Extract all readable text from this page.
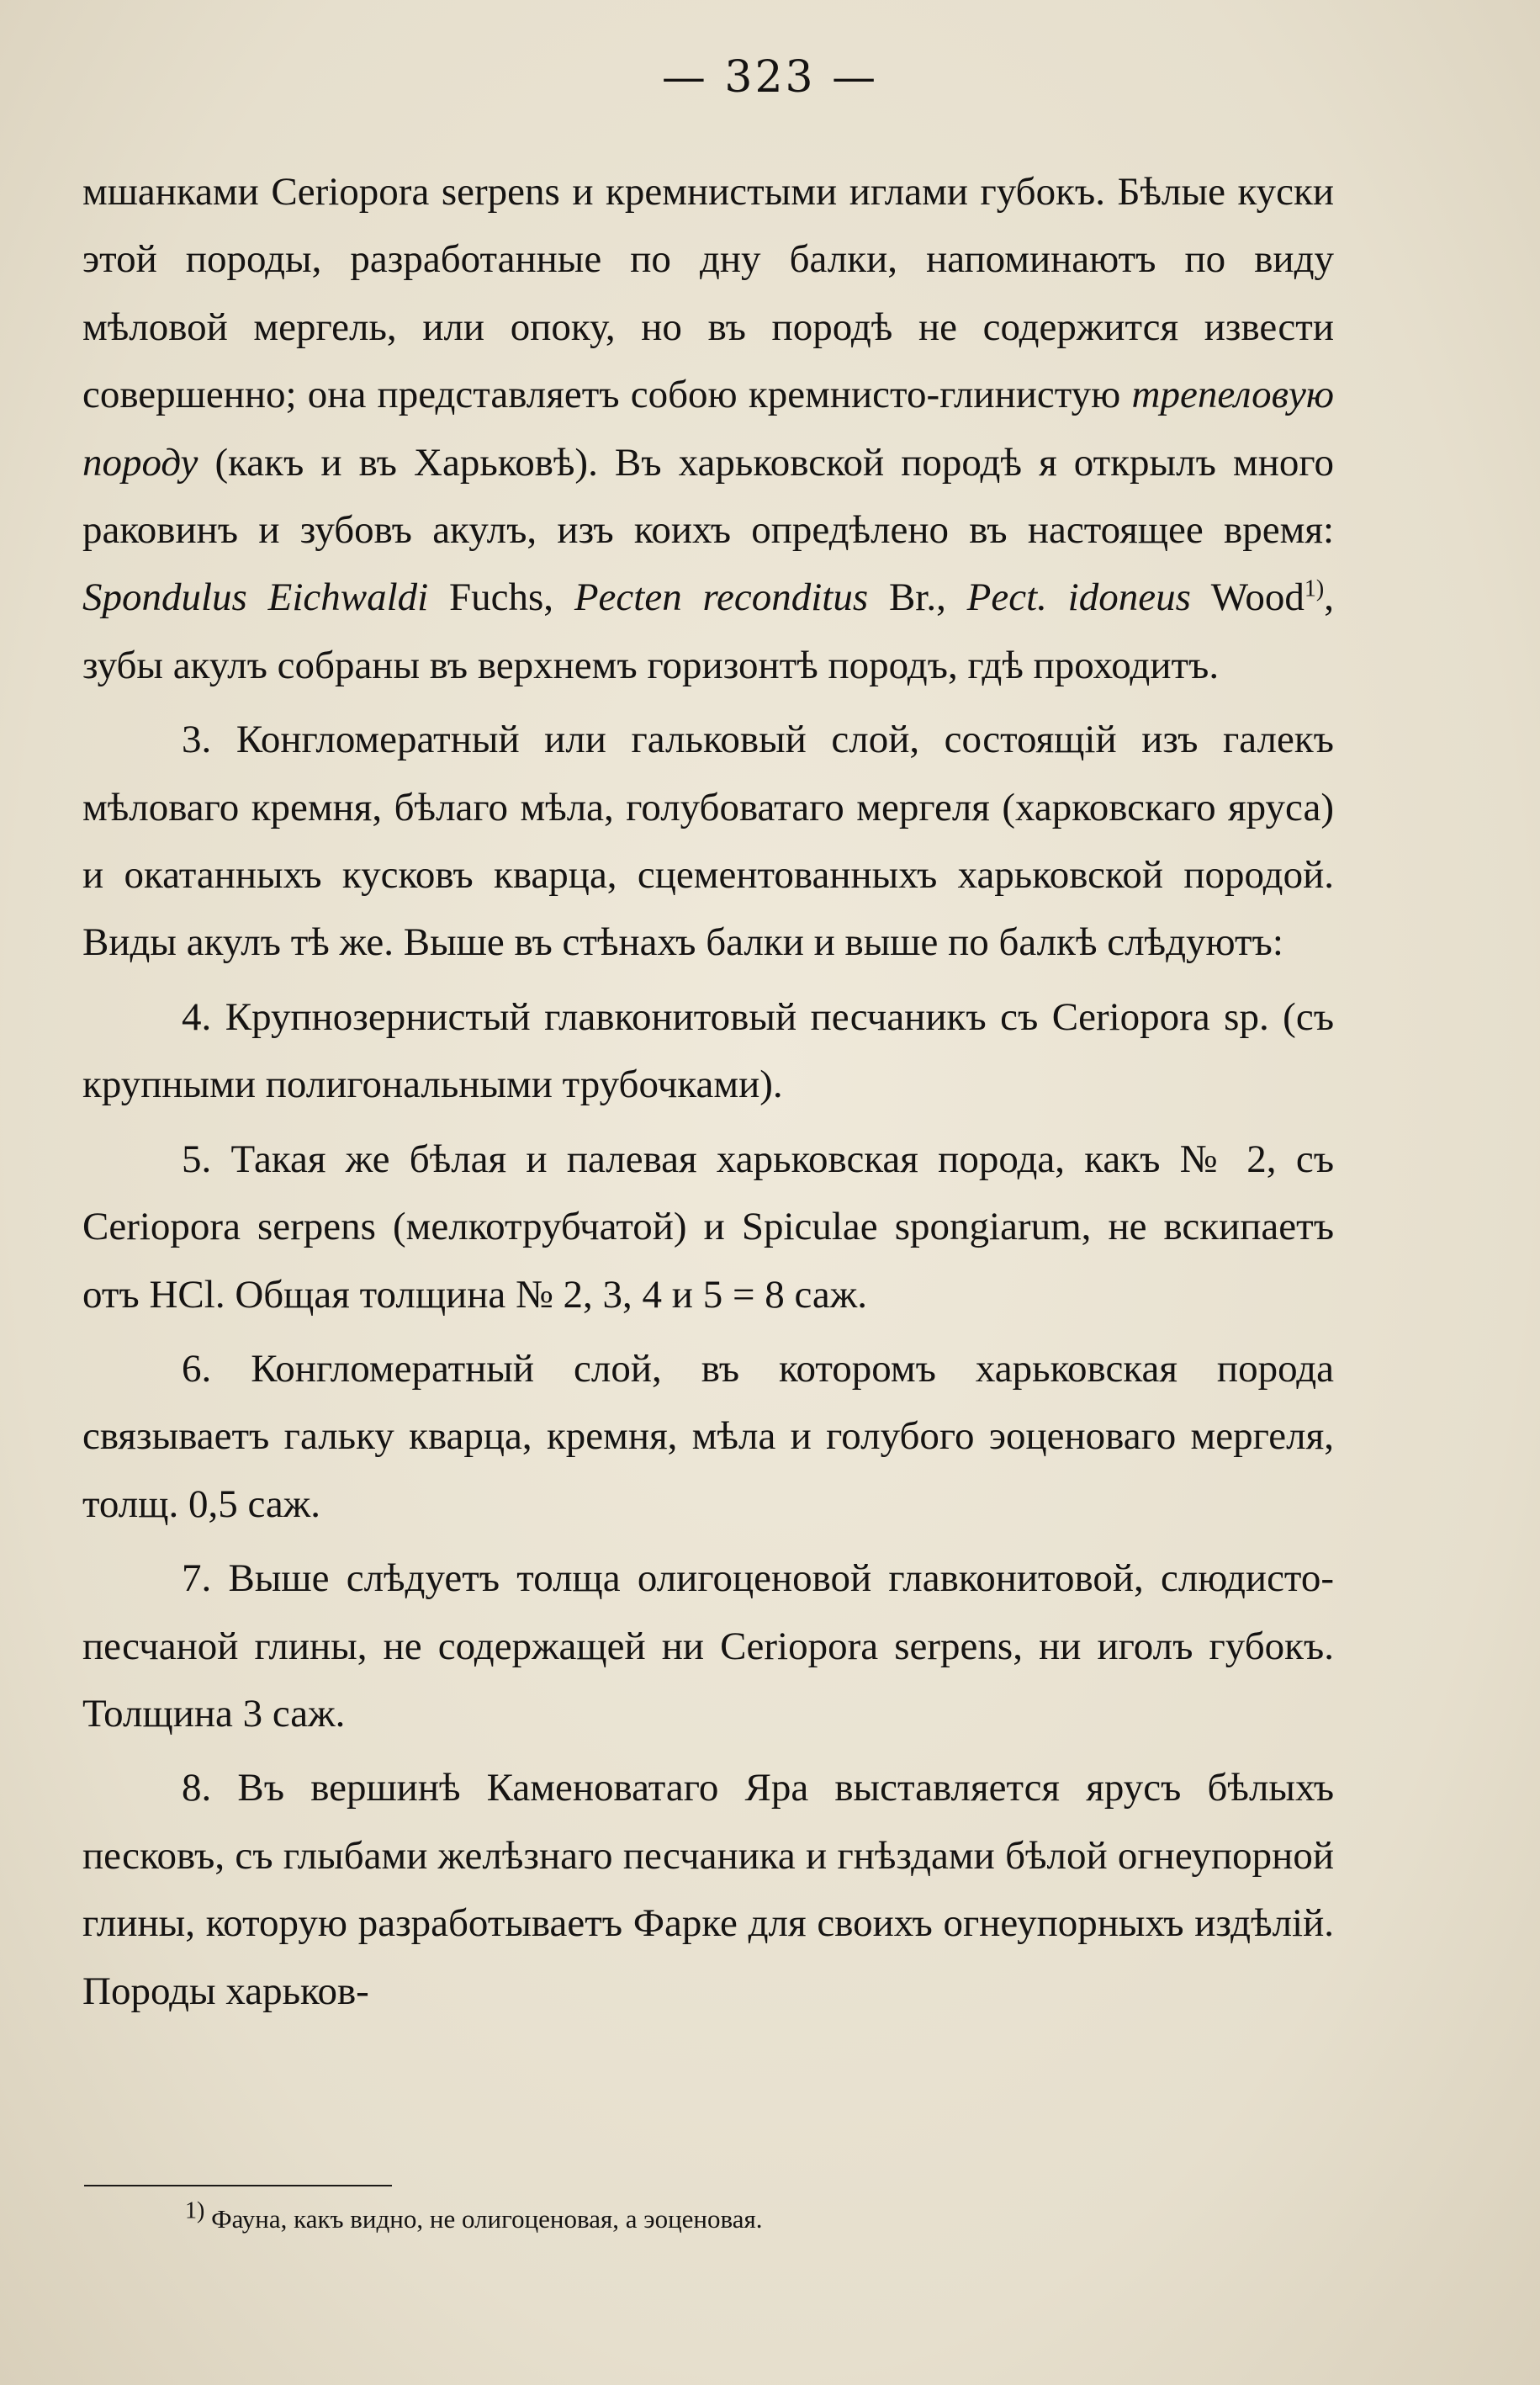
— 323 —

мшанками Ceriopora serpens и кремнистыми иглами губокъ. Бѣлые куски этой породы, разработанные по дну балки, напоминаютъ по виду мѣловой мергель, или опоку, но въ породѣ не содержится извести совершенно; она представляетъ собою кремнисто-глинистую трепеловую породу (какъ и въ Харьковѣ). Въ харьковской породѣ я открылъ много раковинъ и зубовъ акулъ, изъ коихъ опредѣлено въ настоящее время: Spondulus Eichwaldi Fuchs, Pecten reconditus Br., Pect. idoneus Wood$^{1)}$, зубы акулъ собраны въ верхнемъ горизонтѣ породъ, гдѣ проходитъ.

3. Конгломератный или гальковый слой, состоящій изъ галекъ мѣловаго кремня, бѣлаго мѣла, голубоватаго мергеля (харковскаго яруса) и окатанныхъ кусковъ кварца, сцементованныхъ харьковской породой. Виды акулъ тѣ же. Выше въ стѣнахъ балки и выше по балкѣ слѣдуютъ:

4. Крупнозернистый главконитовый песчаникъ съ Ceriopora sp. (съ крупными полигональными трубочками).

5. Такая же бѣлая и палевая харьковская порода, какъ № 2, съ Ceriopora serpens (мелкотрубчатой) и Spiculae spongiarum, не вскипаетъ отъ HCl. Общая толщина № 2, 3, 4 и 5 = 8 саж.

6. Конгломератный слой, въ которомъ харьковская порода связываетъ гальку кварца, кремня, мѣла и голубого эоценоваго мергеля, толщ. 0,5 саж.

7. Выше слѣдуетъ толща олигоценовой главконитовой, слюдисто-песчаной глины, не содержащей ни Ceriopora serpens, ни иголъ губокъ. Толщина 3 саж.

8. Въ вершинѣ Каменоватаго Яра выставляется ярусъ бѣлыхъ песковъ, съ глыбами желѣзнаго песчаника и гнѣздами бѣлой огнеупорной глины, которую разработываетъ Фарке для своихъ огнеупорныхъ издѣлій. Породы харьков-

$^{1)}$ Фауна, какъ видно, не олигоценовая, а эоценовая.
